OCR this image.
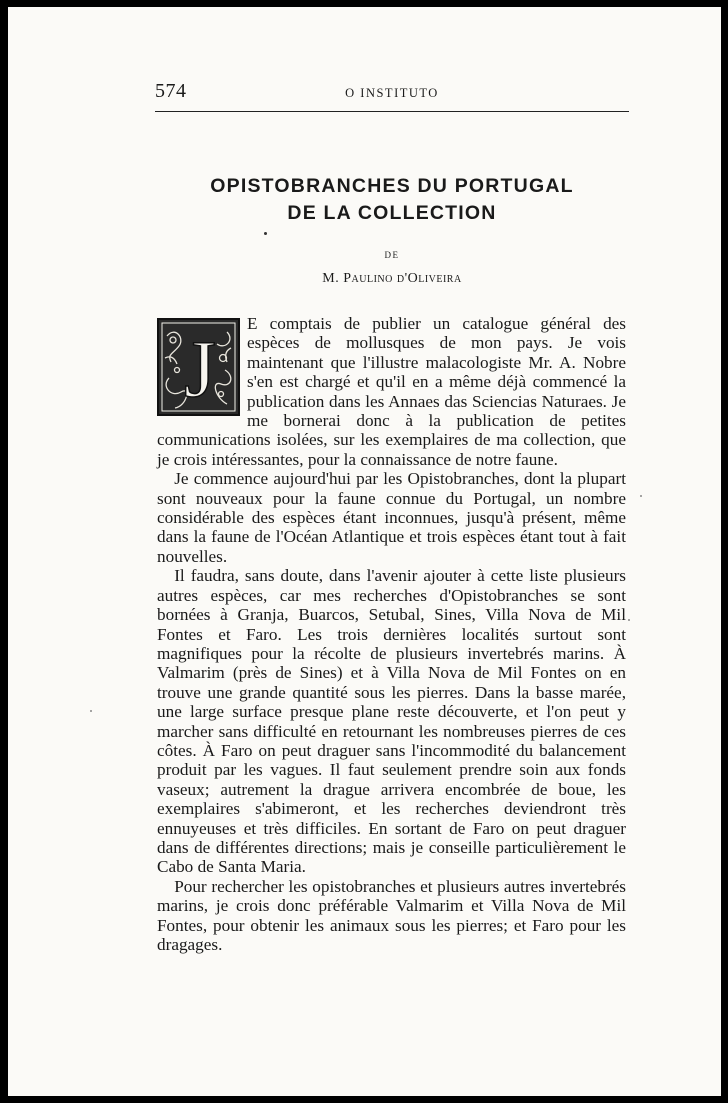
574	O INSTITUTO
OPISTOBRANCHES DU PORTUGAL
DE LA COLLECTION
DE
M. Paulino d'Oliveira

J E comptais de publier un catalogue général des espèces de mollusques de mon pays. Je vois maintenant que l'illustre malacologiste Mr. A. Nobre s'en est chargé et qu'il en a même déjà commencé la publication dans les Annaes das Sciencias Naturaes. Je me bornerai donc à la publication de petites communications isolées, sur les exemplaires de ma collection, que je crois intéressantes, pour la connaissance de notre faune.

Je commence aujourd'hui par les Opistobranches, dont la plupart sont nouveaux pour la faune connue du Portugal, un nombre considérable des espèces étant inconnues, jusqu'à présent, même dans la faune de l'Océan Atlantique et trois espèces étant tout à fait nouvelles.

Il faudra, sans doute, dans l'avenir ajouter à cette liste plusieurs autres espèces, car mes recherches d'Opistobranches se sont bornées à Granja, Buarcos, Setubal, Sines, Villa Nova de Mil Fontes et Faro. Les trois dernières localités surtout sont magnifiques pour la récolte de plusieurs invertebrés marins. À Valmarim (près de Sines) et à Villa Nova de Mil Fontes on en trouve une grande quantité sous les pierres. Dans la basse marée, une large surface presque plane reste découverte, et l'on peut y marcher sans difficulté en retournant les nombreuses pierres de ces côtes. À Faro on peut draguer sans l'incommodité du balancement produit par les vagues. Il faut seulement prendre soin aux fonds vaseux; autrement la drague arrivera encombrée de boue, les exemplaires s'abimeront, et les recherches deviendront très ennuyeuses et très difficiles. En sortant de Faro on peut draguer dans de différentes directions; mais je conseille particulièrement le Cabo de Santa Maria.

Pour rechercher les opistobranches et plusieurs autres invertebrés marins, je crois donc préférable Valmarim et Villa Nova de Mil Fontes, pour obtenir les animaux sous les pierres; et Faro pour les dragages.
